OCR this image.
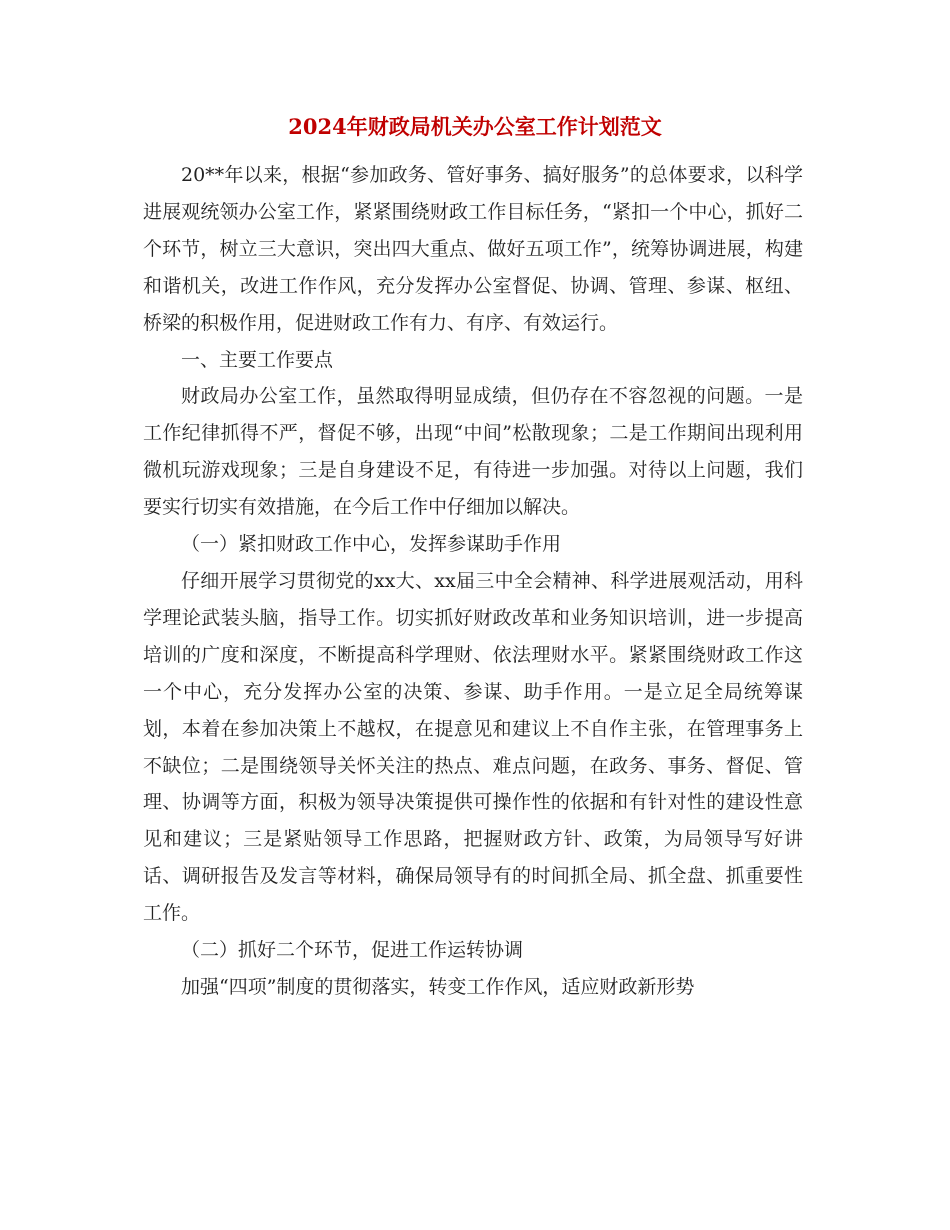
2024年财政局机关办公室工作计划范文

20**年以来，根据“参加政务、管好事务、搞好服务”的总体要求，以科学进展观统领办公室工作，紧紧围绕财政工作目标任务，“紧扣一个中心，抓好二个环节，树立三大意识，突出四大重点、做好五项工作”，统筹协调进展，构建和谐机关，改进工作作风，充分发挥办公室督促、协调、管理、参谋、枢纽、桥梁的积极作用，促进财政工作有力、有序、有效运行。

一、主要工作要点

财政局办公室工作，虽然取得明显成绩，但仍存在不容忽视的问题。一是工作纪律抓得不严，督促不够，出现“中间”松散现象；二是工作期间出现利用微机玩游戏现象；三是自身建设不足，有待进一步加强。对待以上问题，我们要实行切实有效措施，在今后工作中仔细加以解决。

（一）紧扣财政工作中心，发挥参谋助手作用

仔细开展学习贯彻党的xx大、xx届三中全会精神、科学进展观活动，用科学理论武装头脑，指导工作。切实抓好财政改革和业务知识培训，进一步提高培训的广度和深度，不断提高科学理财、依法理财水平。紧紧围绕财政工作这一个中心，充分发挥办公室的决策、参谋、助手作用。一是立足全局统筹谋划，本着在参加决策上不越权，在提意见和建议上不自作主张，在管理事务上不缺位；二是围绕领导关怀关注的热点、难点问题，在政务、事务、督促、管理、协调等方面，积极为领导决策提供可操作性的依据和有针对性的建设性意见和建议；三是紧贴领导工作思路，把握财政方针、政策，为局领导写好讲话、调研报告及发言等材料，确保局领导有的时间抓全局、抓全盘、抓重要性工作。

（二）抓好二个环节，促进工作运转协调

加强“四项”制度的贯彻落实，转变工作作风，适应财政新形势
